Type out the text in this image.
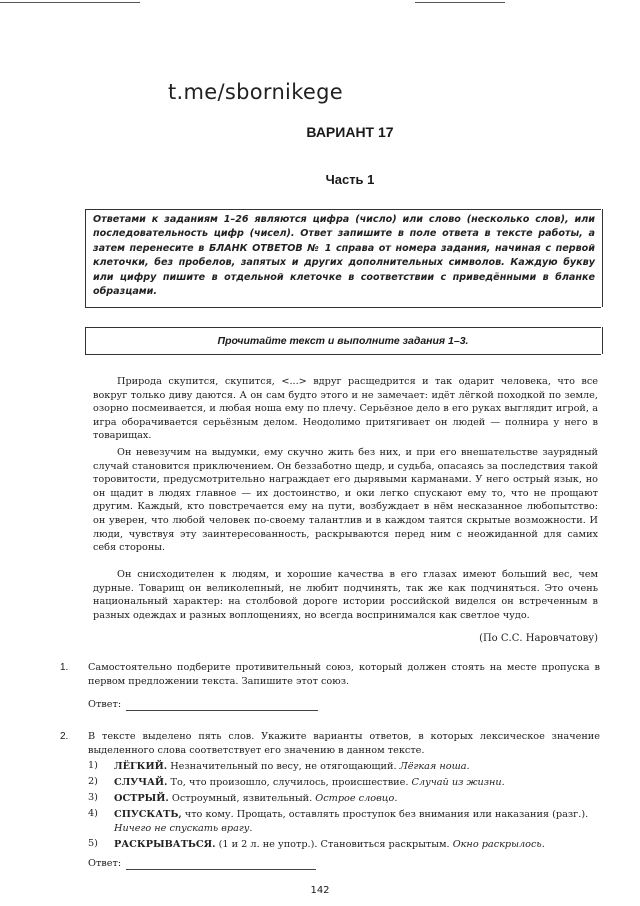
t.me/sbornikege
ВАРИАНТ 17
Часть 1
Ответами к заданиям 1–26 являются цифра (число) или слово (несколько слов), или последовательность цифр (чисел). Ответ запишите в поле ответа в тексте работы, а затем перенесите в БЛАНК ОТВЕТОВ № 1 справа от номера задания, начиная с первой клеточки, без пробелов, запятых и других дополнительных символов. Каждую букву или цифру пишите в отдельной клеточке в соответствии с приведёнными в бланке образцами.
Прочитайте текст и выполните задания 1–3.
Природа скупится, скупится, <...> вдруг расщедрится и так одарит человека, что все вокруг только диву даются. А он сам будто этого и не замечает: идёт лёгкой походкой по земле, озорно посмеивается, и любая ноша ему по плечу. Серьёзное дело в его руках выглядит игрой, а игра оборачивается серьёзным делом. Неодолимо притягивает он людей — полнира у него в товарищах.
Он невезучим на выдумки, ему скучно жить без них, и при его внешательстве заурядный случай становится приключением. Он беззаботно щедр, и судьба, опасаясь за последствия такой торовитости, предусмотрительно награждает его дырявыми карманами. У него острый язык, но он щадит в людях главное — их достоинство, и оки легко спускают ему то, что не прощают другим. Каждый, кто повстречается ему на пути, возбуждает в нём несказанное любопытство: он уверен, что любой человек по-своему талантлив и в каждом таятся скрытые возможности. И люди, чувствуя эту заинтересованность, раскрываются перед ним с неожиданной для самих себя стороны.
Он снисходителен к людям, и хорошие качества в его глазах имеют больший вес, чем дурные. Товарищ он великолепный, не любит подчинять, так же как подчиняться. Это очень национальный характер: на столбовой дороге истории российской виделся он встреченным в разных одеждах и разных воплощениях, но всегда воспринимался как светлое чудо.
(По С.С. Наровчатову)
1. Самостоятельно подберите противительный союз, который должен стоять на месте пропуска в первом предложении текста. Запишите этот союз.
Ответ:
2. В тексте выделено пять слов. Укажите варианты ответов, в которых лексическое значение выделенного слова соответствует его значению в данном тексте.
1)	ЛЁГКИЙ. Незначительный по весу, не отягощающий. Лёгкая ноша.
2)	СЛУЧАЙ. То, что произошло, случилось, происшествие. Случай из жизни.
3)	ОСТРЫЙ. Остроумный, язвительный. Острое словцо.
4)	СПУСКАТЬ, что кому. Прощать, оставлять проступок без внимания или наказания (разг.). Ничего не спускать врагу.
5)	РАСКРЫВАТЬСЯ. (1 и 2 л. не употр.). Становиться раскрытым. Окно раскрылось.
Ответ:
142
